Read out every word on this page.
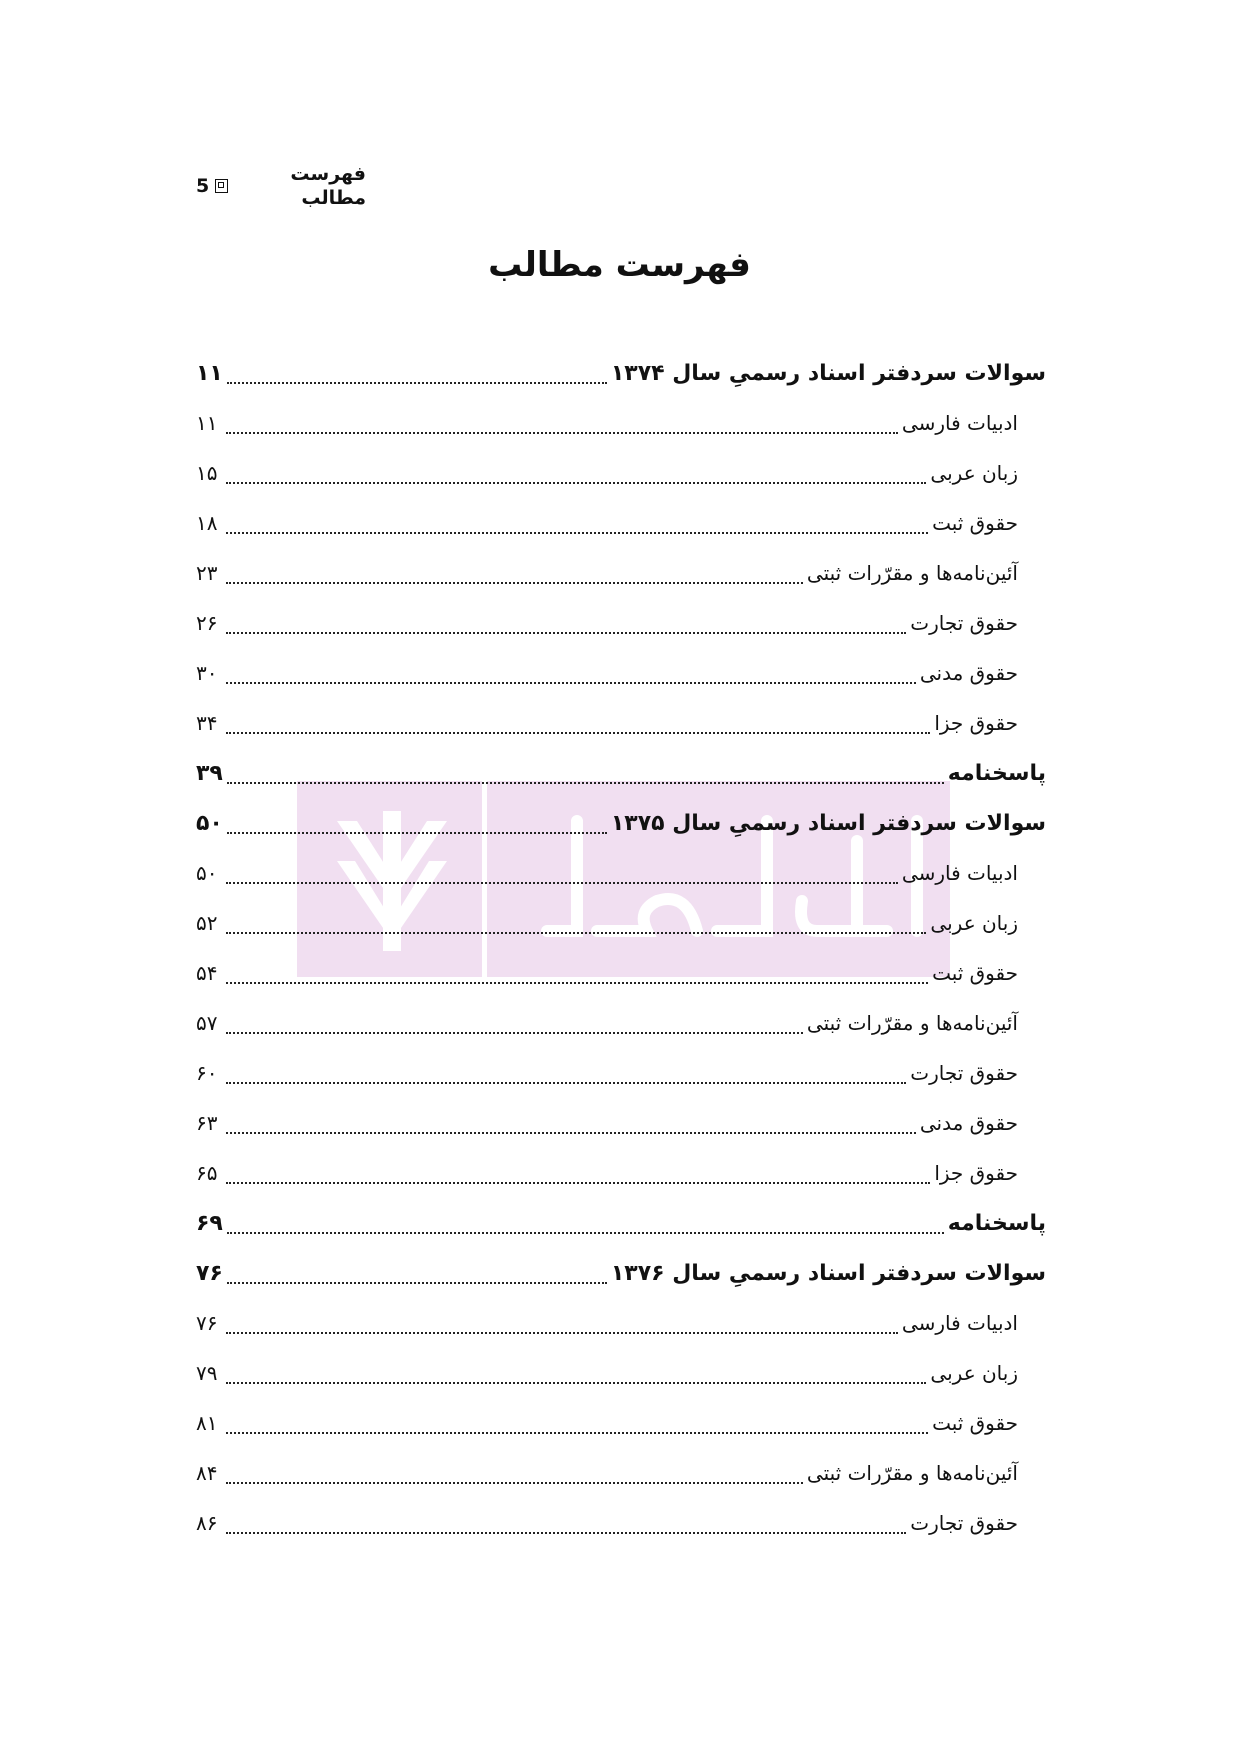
فهرست مطالب
5
فهرست مطالب
سوالات سردفتر اسناد رسمیِ سال ۱۳۷۴
۱۱
ادبیات فارسی
۱۱
زبان عربی
۱۵
حقوق ثبت
۱۸
آئین‌نامه‌ها و مقرّرات ثبتی
۲۳
حقوق تجارت
۲۶
حقوق مدنی
۳۰
حقوق جزا
۳۴
پاسخنامه
۳۹
سوالات سردفتر اسناد رسمیِ سال ۱۳۷۵
۵۰
ادبیات فارسی
۵۰
زبان عربی
۵۲
حقوق ثبت
۵۴
آئین‌نامه‌ها و مقرّرات ثبتی
۵۷
حقوق تجارت
۶۰
حقوق مدنی
۶۳
حقوق جزا
۶۵
پاسخنامه
۶۹
سوالات سردفتر اسناد رسمیِ سال ۱۳۷۶
۷۶
ادبیات فارسی
۷۶
زبان عربی
۷۹
حقوق ثبت
۸۱
آئین‌نامه‌ها و مقرّرات ثبتی
۸۴
حقوق تجارت
۸۶
